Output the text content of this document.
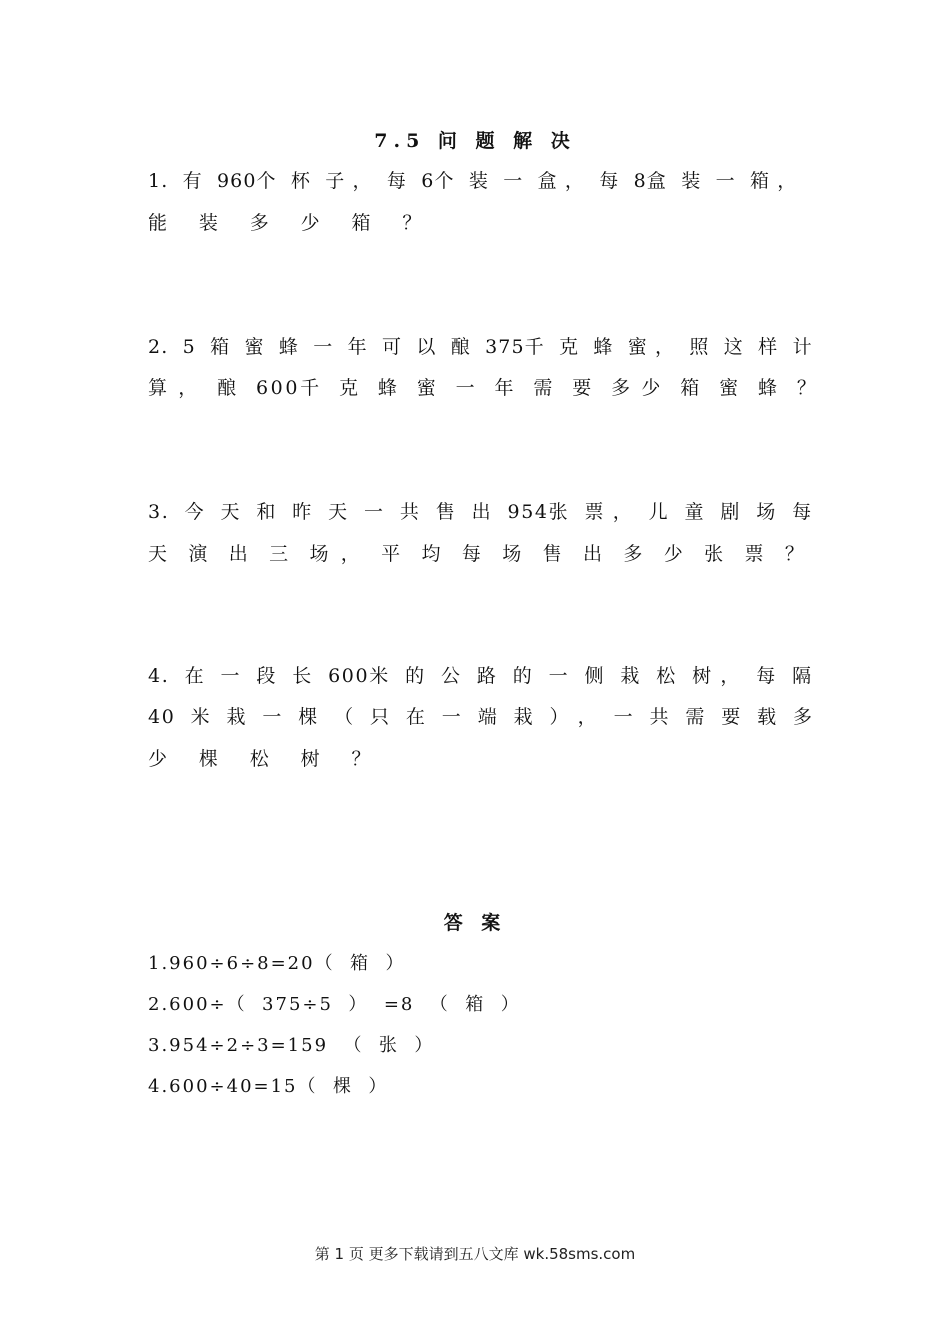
7.5 问 题 解 决
1.  有  960个  杯  子 ，  每  6个  装  一  盒 ，  每  8盒  装  一  箱 ，
能  装  多  少  箱  ？
2.  5  箱  蜜  蜂  一  年  可  以  酿  375千  克  蜂  蜜 ，  照  这  样  计
算 ，  酿  600千  克  蜂  蜜  一  年  需  要  多 少  箱  蜜  蜂  ？
3.  今  天  和  昨  天  一  共  售  出  954张  票 ，  儿  童  剧  场  每
天  演  出  三  场 ，  平  均  每  场  售  出  多  少  张  票  ？
4.  在  一  段  长  600米  的  公  路  的  一  侧  栽  松  树 ，  每  隔
40  米  栽  一  棵  （  只  在  一  端  栽  ） ，  一  共  需  要  载  多
少  棵  松  树  ？
答 案
1.960÷6÷8=20（  箱  ）
2.600÷（  375÷5  ）  =8  （  箱  ）
3.954÷2÷3=159  （  张  ）
4.600÷40=15（  棵  ）
第 1 页 更多下载请到五八文库 wk.58sms.com
